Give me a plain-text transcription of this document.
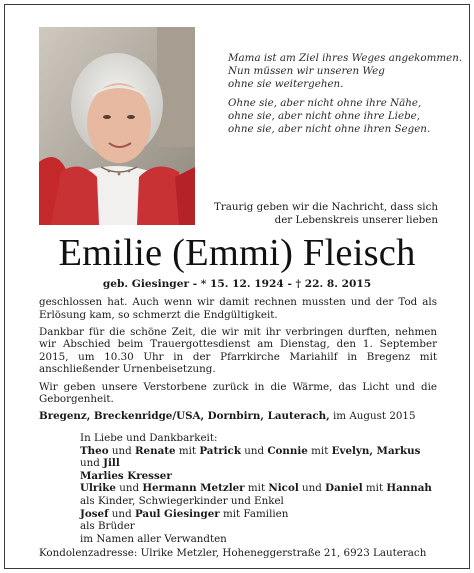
Mama ist am Ziel ihres Weges angekommen.
Nun müssen wir unseren Weg
ohne sie weitergehen.
Ohne sie, aber nicht ohne ihre Nähe,
ohne sie, aber nicht ohne ihre Liebe,
ohne sie, aber nicht ohne ihren Segen.
Traurig geben wir die Nachricht, dass sich der Lebenskreis unserer lieben
Emilie (Emmi) Fleisch
geb. Giesinger - * 15. 12. 1924 - † 22. 8. 2015

geschlossen hat. Auch wenn wir damit rechnen mussten und der Tod als Erlösung kam, so schmerzt die Endgültigkeit.

Dankbar für die schöne Zeit, die wir mit ihr verbringen durften, nehmen wir Abschied beim Trauergottesdienst am Dienstag, den 1. September 2015, um 10.30 Uhr in der Pfarrkirche Mariahilf in Bregenz mit anschließender Urnenbeisetzung.

Wir geben unsere Verstorbene zurück in die Wärme, das Licht und die Geborgenheit.

Bregenz, Breckenridge/USA, Dornbirn, Lauterach, im August 2015
In Liebe und Dankbarkeit:
Theo und Renate mit Patrick und Connie mit Evelyn, Markus und Jill
Marlies Kresser
Ulrike und Hermann Metzler mit Nicol und Daniel mit Hannah
als Kinder, Schwiegerkinder und Enkel
Josef und Paul Giesinger mit Familien
als Brüder
im Namen aller Verwandten
Kondolenzadresse: Ulrike Metzler, Hoheneggerstraße 21, 6923 Lauterach
